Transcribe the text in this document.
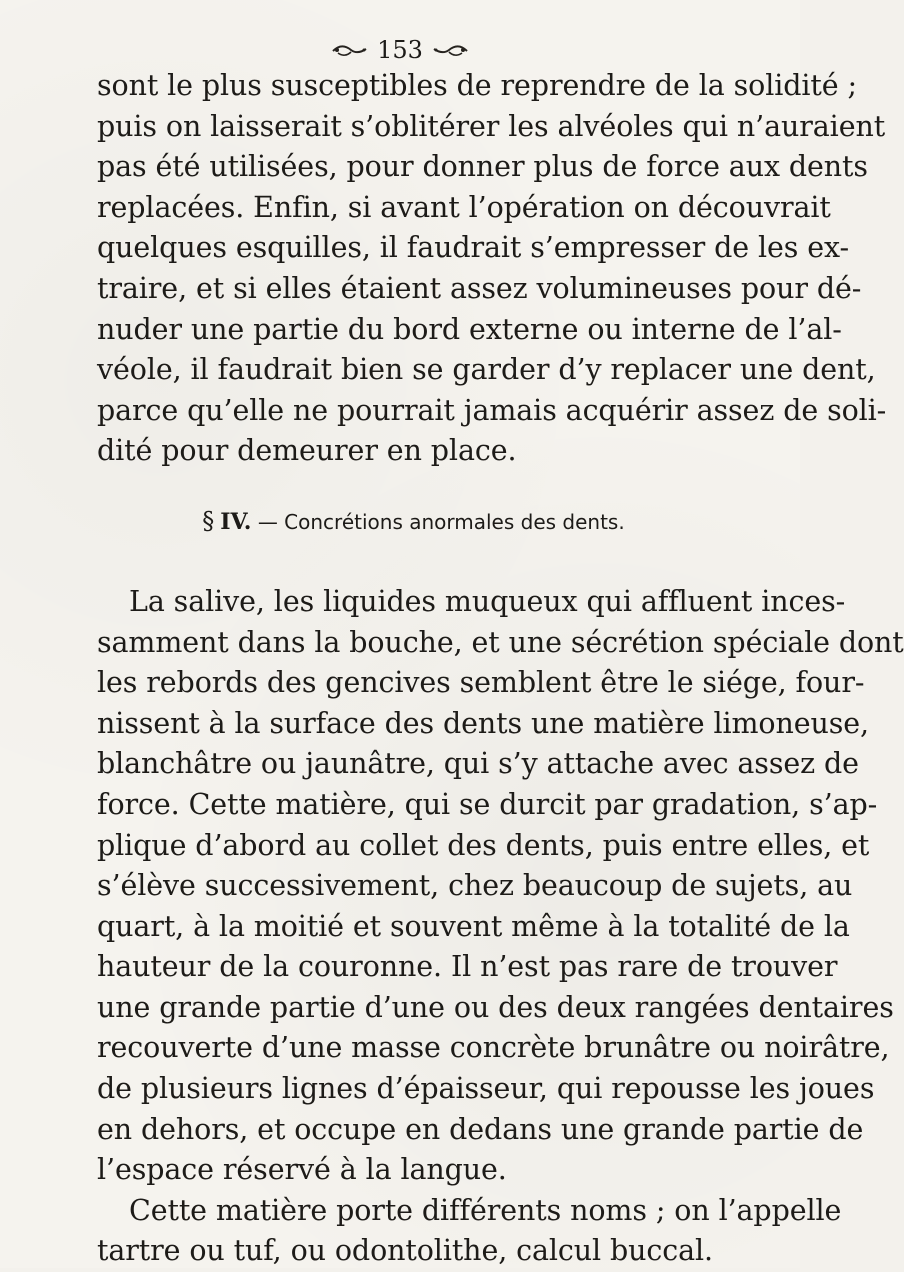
153

sont le plus susceptibles de reprendre de la solidité ;
puis on laisserait s’oblitérer les alvéoles qui n’auraient
pas été utilisées, pour donner plus de force aux dents
replacées. Enfin, si avant l’opération on découvrait
quelques esquilles, il faudrait s’empresser de les ex-
traire, et si elles étaient assez volumineuses pour dé-
nuder une partie du bord externe ou interne de l’al-
véole, il faudrait bien se garder d’y replacer une dent,
parce qu’elle ne pourrait jamais acquérir assez de soli-
dité pour demeurer en place.

§ IV. — Concrétions anormales des dents.

La salive, les liquides muqueux qui affluent inces-
samment dans la bouche, et une sécrétion spéciale dont
les rebords des gencives semblent être le siége, four-
nissent à la surface des dents une matière limoneuse,
blanchâtre ou jaunâtre, qui s’y attache avec assez de
force. Cette matière, qui se durcit par gradation, s’ap-
plique d’abord au collet des dents, puis entre elles, et
s’élève successivement, chez beaucoup de sujets, au
quart, à la moitié et souvent même à la totalité de la
hauteur de la couronne. Il n’est pas rare de trouver
une grande partie d’une ou des deux rangées dentaires
recouverte d’une masse concrète brunâtre ou noirâtre,
de plusieurs lignes d’épaisseur, qui repousse les joues
en dehors, et occupe en dedans une grande partie de
l’espace réservé à la langue.

Cette matière porte différents noms ; on l’appelle
tartre ou tuf, ou odontolithe, calcul buccal.
